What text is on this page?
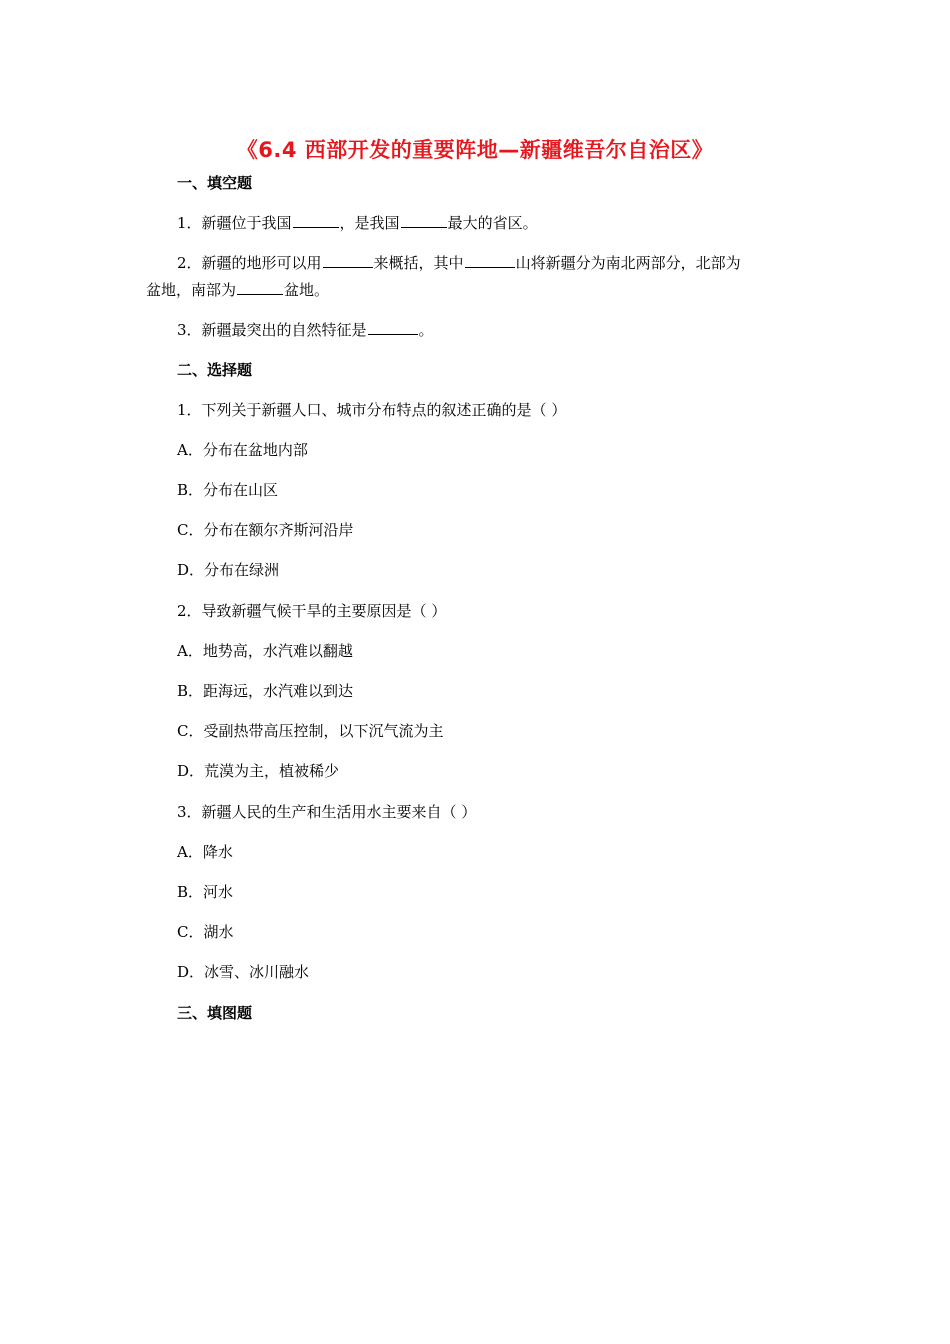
《6.4 西部开发的重要阵地—新疆维吾尔自治区》
一、填空题
1．新疆位于我国	，是我国	最大的省区。
2．新疆的地形可以用	来概括，其中	山将新疆分为南北两部分，北部为
盆地，南部为	盆地。
3．新疆最突出的自然特征是	。
二、选择题
1．下列关于新疆人口、城市分布特点的叙述正确的是（ ）
A．分布在盆地内部
B．分布在山区
C．分布在额尔齐斯河沿岸
D．分布在绿洲
2．导致新疆气候干旱的主要原因是（ ）
A．地势高，水汽难以翻越
B．距海远，水汽难以到达
C．受副热带高压控制，以下沉气流为主
D．荒漠为主，植被稀少
3．新疆人民的生产和生活用水主要来自（ ）
A．降水
B．河水
C．湖水
D．冰雪、冰川融水
三、填图题
